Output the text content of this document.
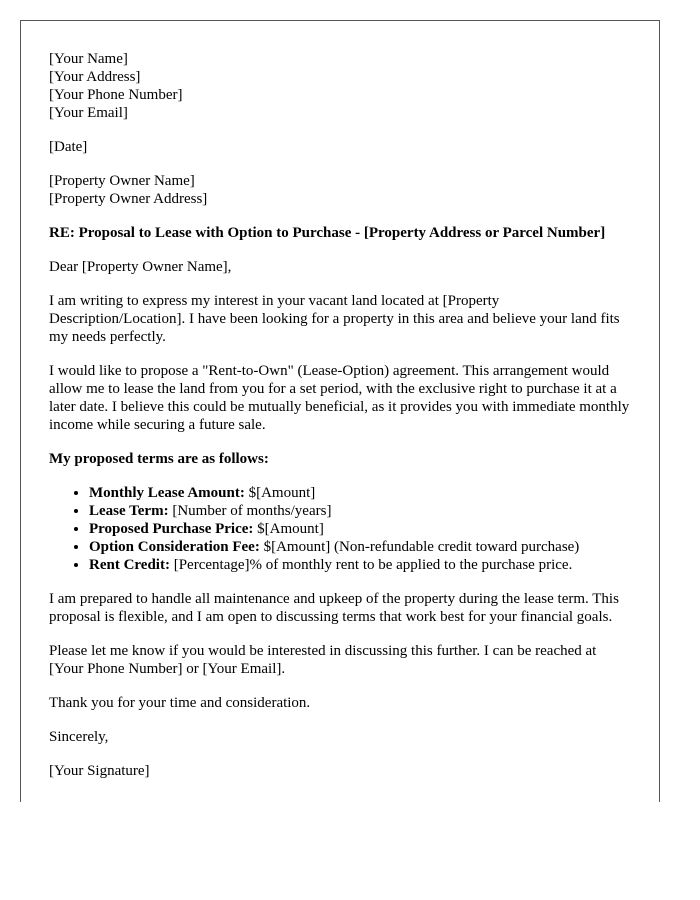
[Your Name]
[Your Address]
[Your Phone Number]
[Your Email]

[Date]

[Property Owner Name]
[Property Owner Address]

RE: Proposal to Lease with Option to Purchase - [Property Address or Parcel Number]

Dear [Property Owner Name],

I am writing to express my interest in your vacant land located at [Property Description/Location]. I have been looking for a property in this area and believe your land fits my needs perfectly.

I would like to propose a "Rent-to-Own" (Lease-Option) agreement. This arrangement would allow me to lease the land from you for a set period, with the exclusive right to purchase it at a later date. I believe this could be mutually beneficial, as it provides you with immediate monthly income while securing a future sale.

My proposed terms are as follows:

• Monthly Lease Amount: $[Amount]
• Lease Term: [Number of months/years]
• Proposed Purchase Price: $[Amount]
• Option Consideration Fee: $[Amount] (Non-refundable credit toward purchase)
• Rent Credit: [Percentage]% of monthly rent to be applied to the purchase price.

I am prepared to handle all maintenance and upkeep of the property during the lease term. This proposal is flexible, and I am open to discussing terms that work best for your financial goals.

Please let me know if you would be interested in discussing this further. I can be reached at [Your Phone Number] or [Your Email].

Thank you for your time and consideration.

Sincerely,

[Your Signature]
